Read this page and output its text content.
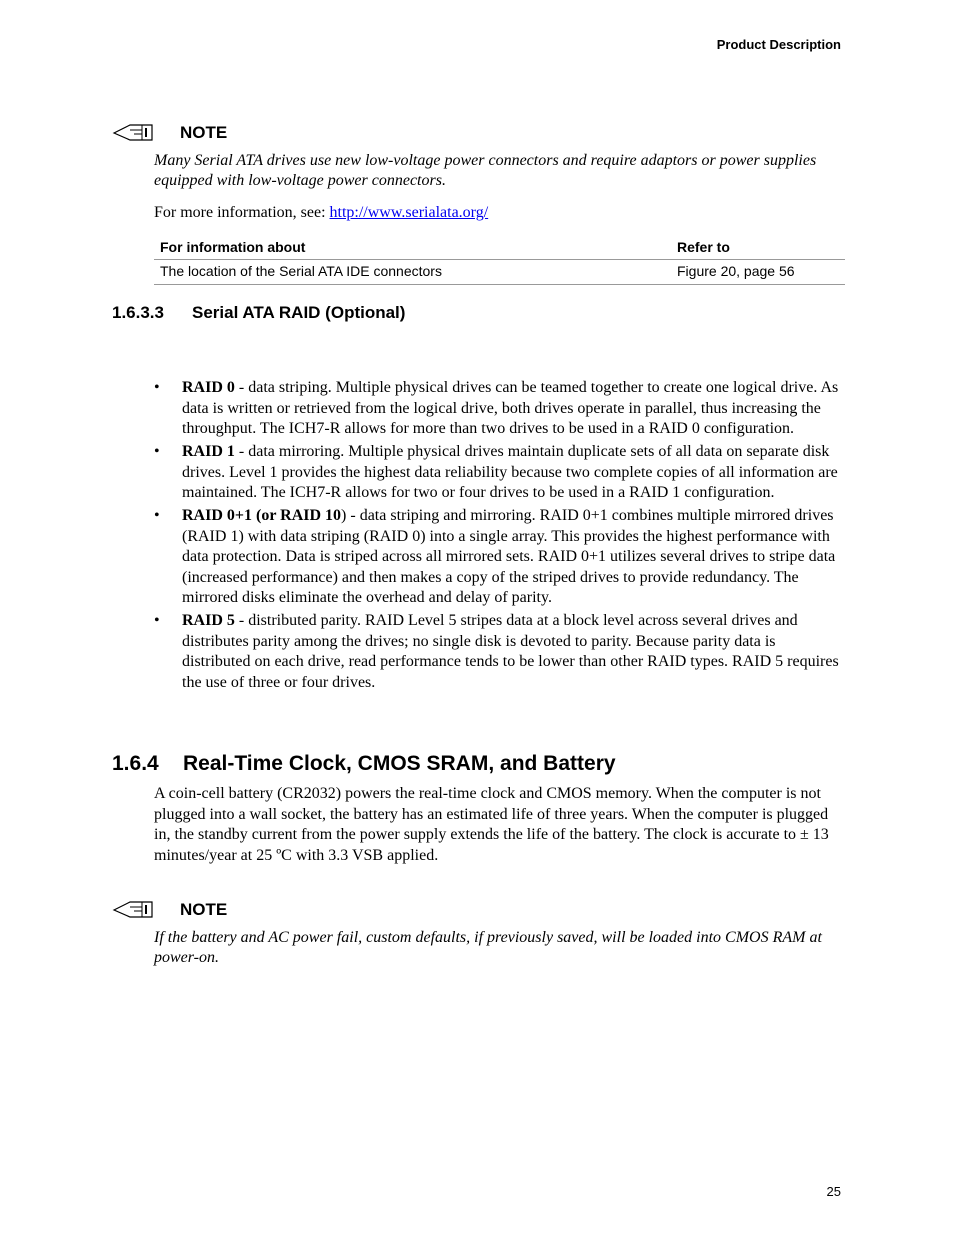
Product Description
NOTE
Many Serial ATA drives use new low-voltage power connectors and require adaptors or power supplies equipped with low-voltage power connectors.
For more information, see: http://www.serialata.org/
For information about	Refer to
The location of the Serial ATA IDE connectors	Figure 20, page 56
1.6.3.3 Serial ATA RAID (Optional)
• RAID 0 - data striping. Multiple physical drives can be teamed together to create one logical drive. As data is written or retrieved from the logical drive, both drives operate in parallel, thus increasing the throughput. The ICH7-R allows for more than two drives to be used in a RAID 0 configuration.
• RAID 1 - data mirroring. Multiple physical drives maintain duplicate sets of all data on separate disk drives. Level 1 provides the highest data reliability because two complete copies of all information are maintained. The ICH7-R allows for two or four drives to be used in a RAID 1 configuration.
• RAID 0+1 (or RAID 10) - data striping and mirroring. RAID 0+1 combines multiple mirrored drives (RAID 1) with data striping (RAID 0) into a single array. This provides the highest performance with data protection. Data is striped across all mirrored sets. RAID 0+1 utilizes several drives to stripe data (increased performance) and then makes a copy of the striped drives to provide redundancy. The mirrored disks eliminate the overhead and delay of parity.
• RAID 5 - distributed parity. RAID Level 5 stripes data at a block level across several drives and distributes parity among the drives; no single disk is devoted to parity. Because parity data is distributed on each drive, read performance tends to be lower than other RAID types. RAID 5 requires the use of three or four drives.
1.6.4 Real-Time Clock, CMOS SRAM, and Battery
A coin-cell battery (CR2032) powers the real-time clock and CMOS memory. When the computer is not plugged into a wall socket, the battery has an estimated life of three years. When the computer is plugged in, the standby current from the power supply extends the life of the battery. The clock is accurate to ± 13 minutes/year at 25 ºC with 3.3 VSB applied.
NOTE
If the battery and AC power fail, custom defaults, if previously saved, will be loaded into CMOS RAM at power-on.
25
